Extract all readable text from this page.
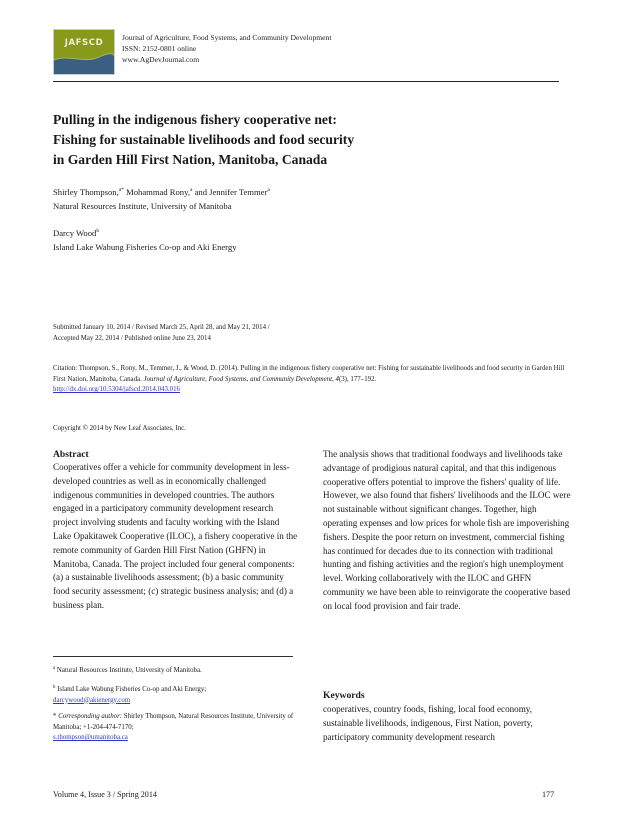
JAFSCD
Journal of Agriculture, Food Systems, and Community Development
ISSN: 2152-0801 online
www.AgDevJournal.com
Pulling in the indigenous fishery cooperative net:
Fishing for sustainable livelihoods and food security
in Garden Hill First Nation, Manitoba, Canada
Shirley Thompson,$^{a*}$ Mohammad Rony,$^a$ and Jennifer Temmer$^a$
Natural Resources Institute, University of Manitoba
Darcy Wood$^b$
Island Lake Wabung Fisheries Co-op and Aki Energy
Submitted January 10, 2014 / Revised March 25, April 28, and May 21, 2014 /
Accepted May 22, 2014 / Published online June 23, 2014
Citation: Thompson, S., Rony, M., Temmer, J., & Wood, D. (2014). Pulling in the indigenous fishery cooperative net: Fishing for sustainable livelihoods and food security in Garden Hill First Nation, Manitoba, Canada. Journal of Agriculture, Food Systems, and Community Development, 4(3), 177–192.
http://dx.doi.org/10.5304/jafscd.2014.043.016
Copyright © 2014 by New Leaf Associates, Inc.
Abstract

Cooperatives offer a vehicle for community development in less-developed countries as well as in economically challenged indigenous communities in developed countries. The authors engaged in a participatory community development research project involving students and faculty working with the Island Lake Opakitawek Cooperative (ILOC), a fishery cooperative in the remote community of Garden Hill First Nation (GHFN) in Manitoba, Canada. The project included four general components: (a) a sustainable livelihoods assessment; (b) a basic community food security assessment; (c) strategic business analysis; and (d) a business plan.

The analysis shows that traditional foodways and livelihoods take advantage of prodigious natural capital, and that this indigenous cooperative offers potential to improve the fishers' quality of life. However, we also found that fishers' livelihoods and the ILOC were not sustainable without significant changes. Together, high operating expenses and low prices for whole fish are impoverishing fishers. Despite the poor return on investment, commercial fishing has continued for decades due to its connection with traditional hunting and fishing activities and the region's high unemployment level. Working collaboratively with the ILOC and GHFN community we have been able to reinvigorate the cooperative based on local food provision and fair trade.

$^a$ Natural Resources Institute, University of Manitoba.
$^b$ Island Lake Wabung Fisheries Co-op and Aki Energy;
darcywood@akienergy.com
* Corresponding author: Shirley Thompson, Natural Resources Institute, University of Manitoba; +1-204-474-7170;
s.thompson@umanitoba.ca
Keywords
cooperatives, country foods, fishing, local food economy, sustainable livelihoods, indigenous, First Nation, poverty, participatory community development research
Volume 4, Issue 3 / Spring 2014	177
